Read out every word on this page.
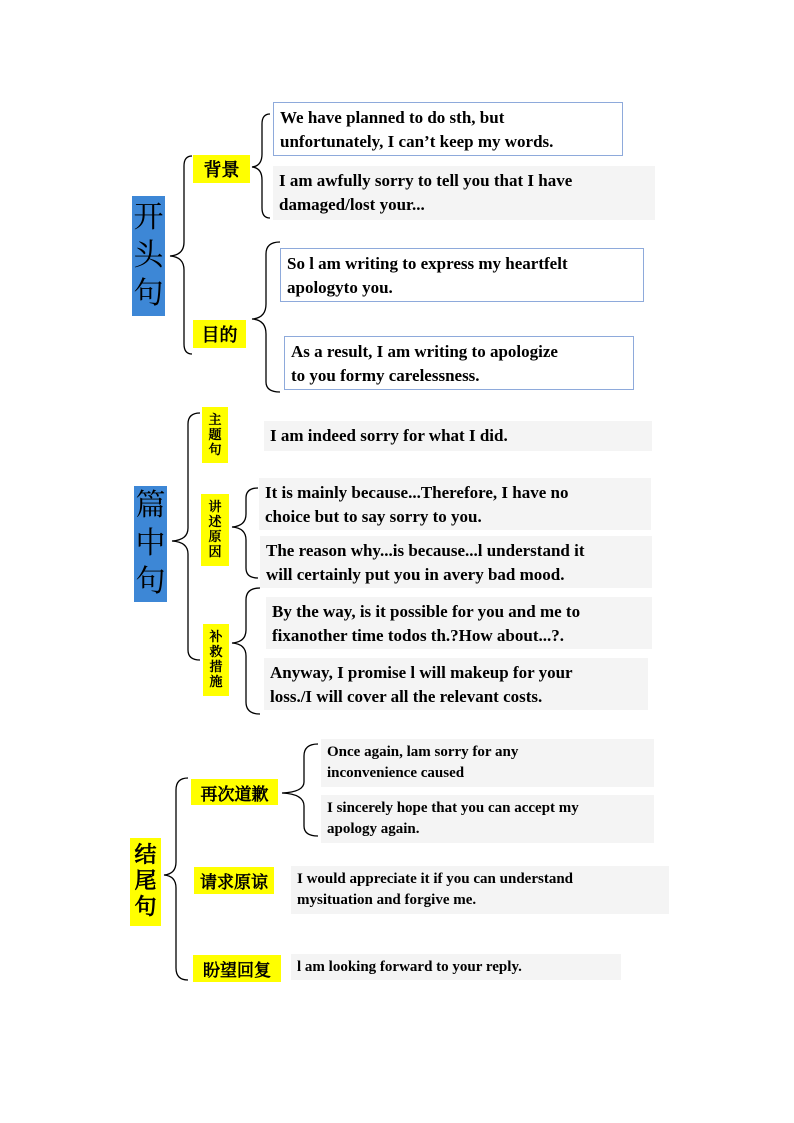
开
头
句
背景
目的
We have planned to do sth, but
unfortunately, I can’t keep my words.
I am awfully sorry to tell you that I have
damaged/lost your...
So l am writing to express my heartfelt
apologyto you.
As a result, I am writing to apologize
to you formy carelessness.
篇
中
句
主
题
句
讲
述
原
因
补
救
措
施
I am indeed sorry for what I did.
It is mainly because...Therefore, I have no
choice but to say sorry to you.
The reason why...is because...l understand it
will certainly put you in avery bad mood.
By the way, is it possible for you and me to
fixanother time todos th.?How about...?.
Anyway, I promise l will makeup for your
loss./I will cover all the relevant costs.
结
尾
句
再次道歉
请求原谅
盼望回复
Once again, lam sorry for any
inconvenience caused
I sincerely hope that you can accept my
apology again.
I would appreciate it if you can understand
mysituation and forgive me.
l am looking forward to your reply.
